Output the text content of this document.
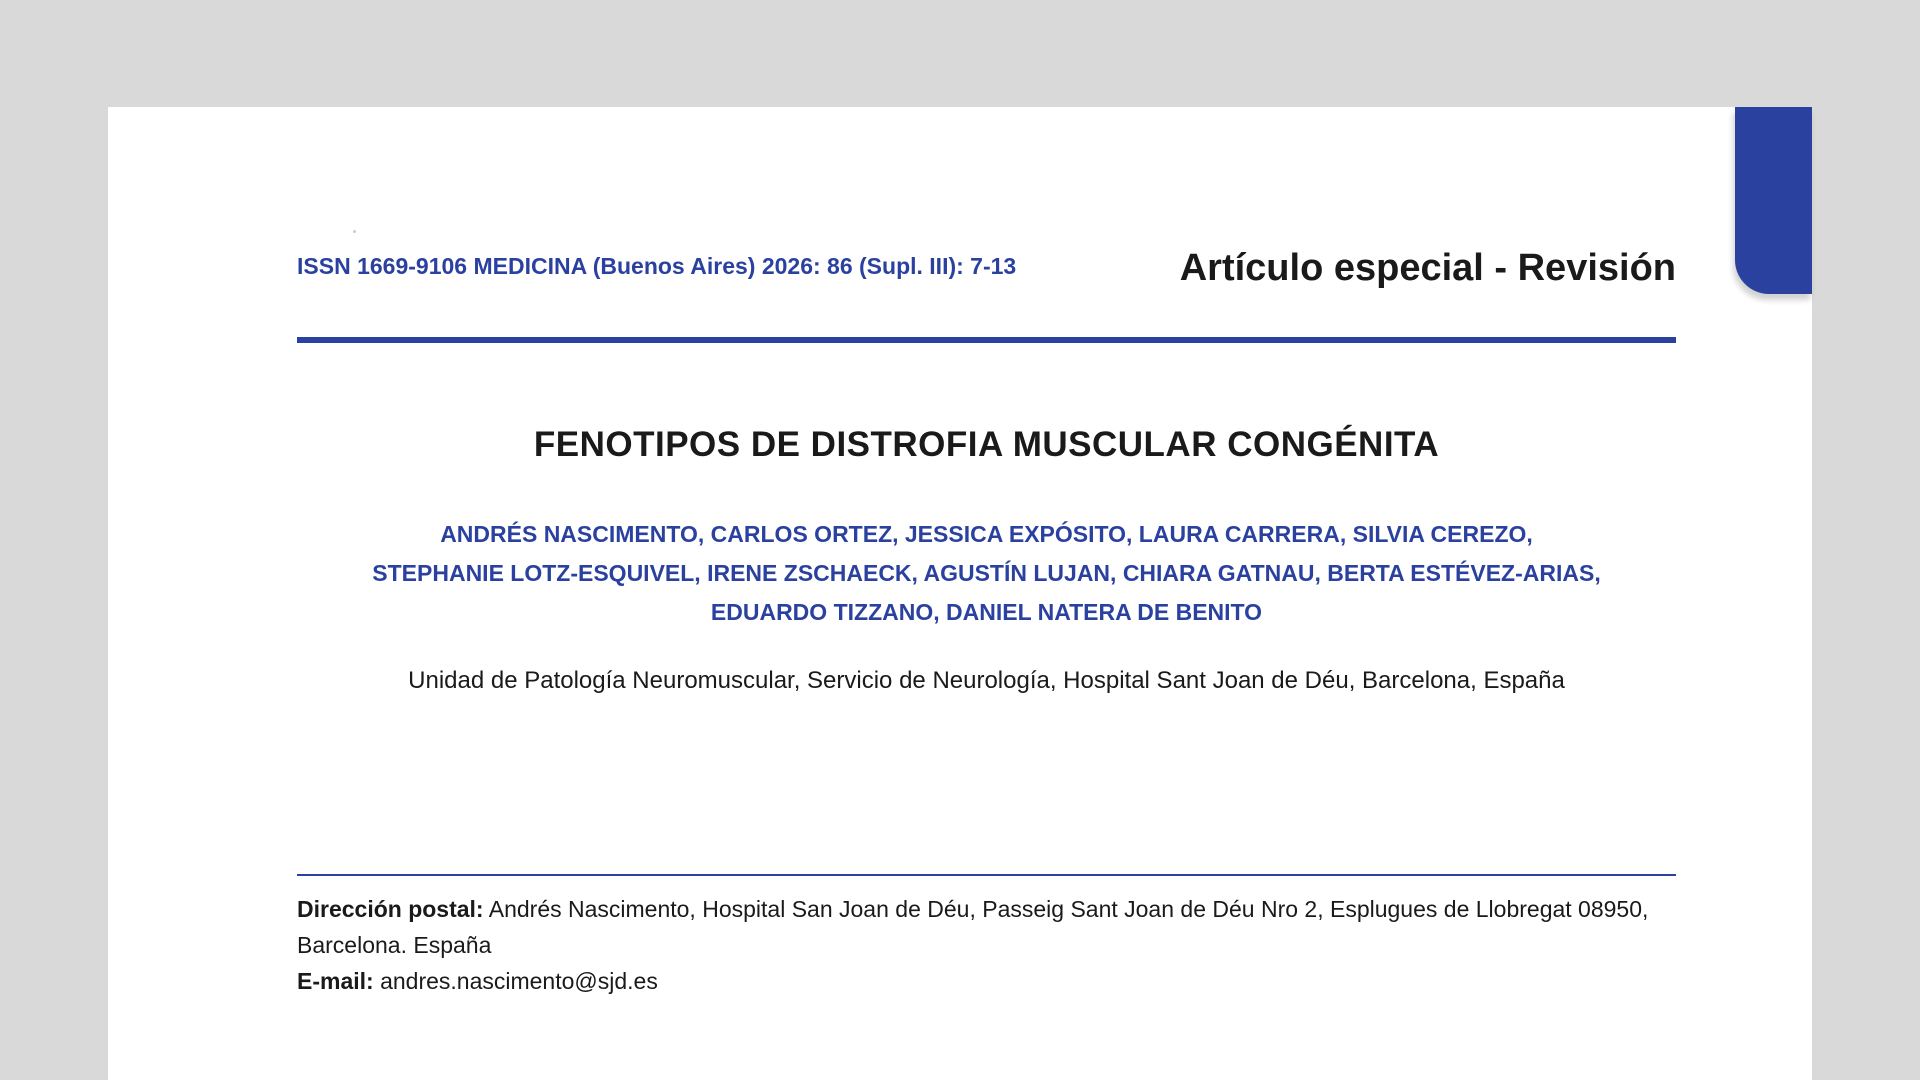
ISSN 1669-9106 MEDICINA (Buenos Aires) 2026: 86 (Supl. III): 7-13	Artículo especial - Revisión
FENOTIPOS DE DISTROFIA MUSCULAR CONGÉNITA
ANDRÉS NASCIMENTO, CARLOS ORTEZ, JESSICA EXPÓSITO, LAURA CARRERA, SILVIA CEREZO,
STEPHANIE LOTZ-ESQUIVEL, IRENE ZSCHAECK, AGUSTÍN LUJAN, CHIARA GATNAU, BERTA ESTÉVEZ-ARIAS,
EDUARDO TIZZANO, DANIEL NATERA DE BENITO
Unidad de Patología Neuromuscular, Servicio de Neurología, Hospital Sant Joan de Déu, Barcelona, España
Dirección postal: Andrés Nascimento, Hospital San Joan de Déu, Passeig Sant Joan de Déu Nro 2, Esplugues de Llobregat 08950,
Barcelona. España
E-mail: andres.nascimento@sjd.es
